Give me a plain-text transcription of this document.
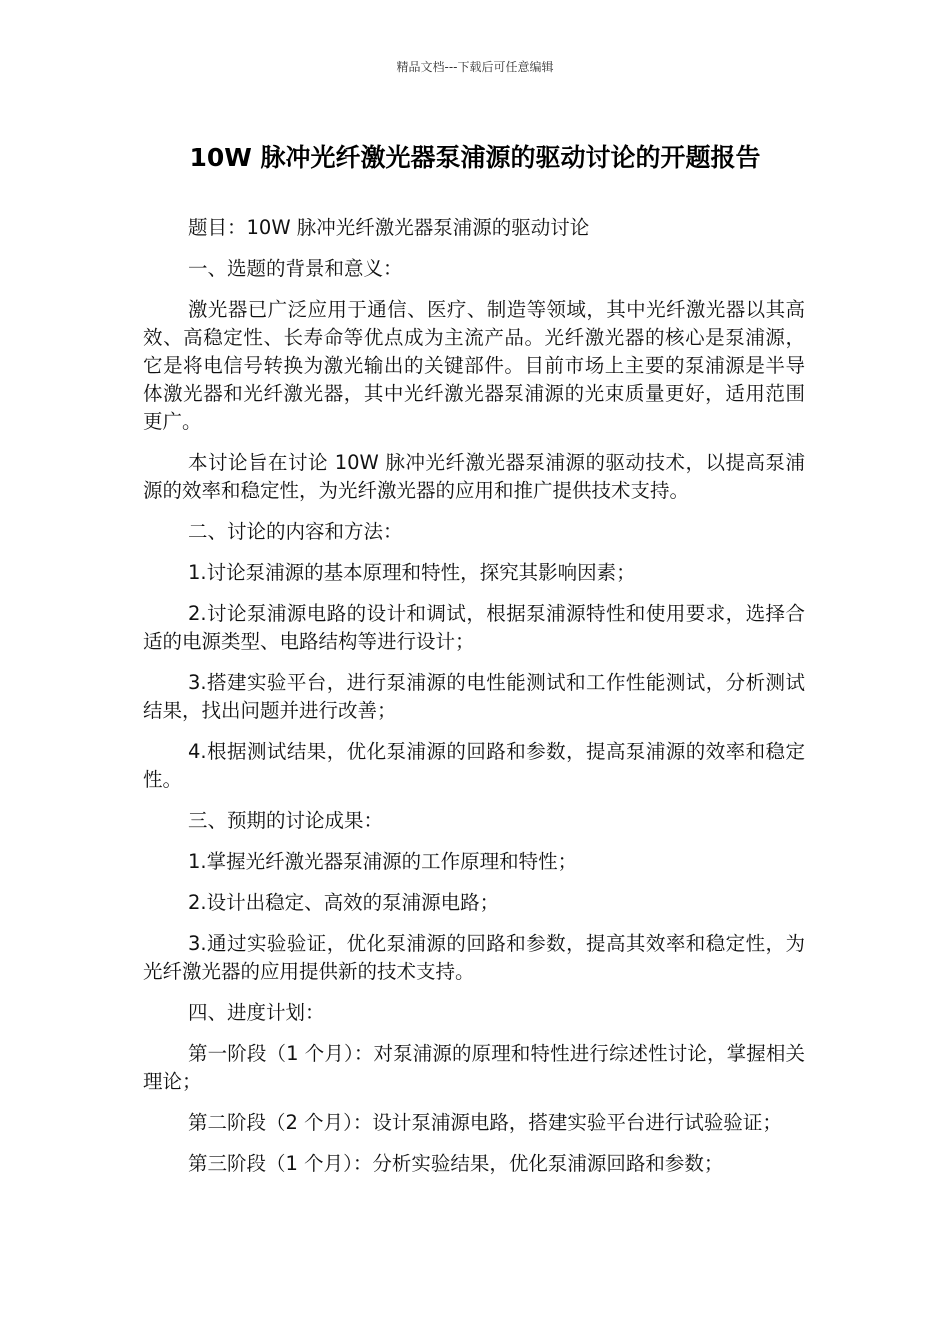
精品文档---下载后可任意编辑
10W 脉冲光纤激光器泵浦源的驱动讨论的开题报告

题目：10W 脉冲光纤激光器泵浦源的驱动讨论

一、选题的背景和意义：

激光器已广泛应用于通信、医疗、制造等领域，其中光纤激光器以其高效、高稳定性、长寿命等优点成为主流产品。光纤激光器的核心是泵浦源，它是将电信号转换为激光输出的关键部件。目前市场上主要的泵浦源是半导体激光器和光纤激光器，其中光纤激光器泵浦源的光束质量更好，适用范围更广。

本讨论旨在讨论 10W 脉冲光纤激光器泵浦源的驱动技术，以提高泵浦源的效率和稳定性，为光纤激光器的应用和推广提供技术支持。

二、讨论的内容和方法：

1.讨论泵浦源的基本原理和特性，探究其影响因素；

2.讨论泵浦源电路的设计和调试，根据泵浦源特性和使用要求，选择合适的电源类型、电路结构等进行设计；

3.搭建实验平台，进行泵浦源的电性能测试和工作性能测试，分析测试结果，找出问题并进行改善；

4.根据测试结果，优化泵浦源的回路和参数，提高泵浦源的效率和稳定性。

三、预期的讨论成果：

1.掌握光纤激光器泵浦源的工作原理和特性；

2.设计出稳定、高效的泵浦源电路；

3.通过实验验证，优化泵浦源的回路和参数，提高其效率和稳定性，为光纤激光器的应用提供新的技术支持。

四、进度计划：

第一阶段（1 个月）：对泵浦源的原理和特性进行综述性讨论，掌握相关理论；

第二阶段（2 个月）：设计泵浦源电路，搭建实验平台进行试验验证；

第三阶段（1 个月）：分析实验结果，优化泵浦源回路和参数；
